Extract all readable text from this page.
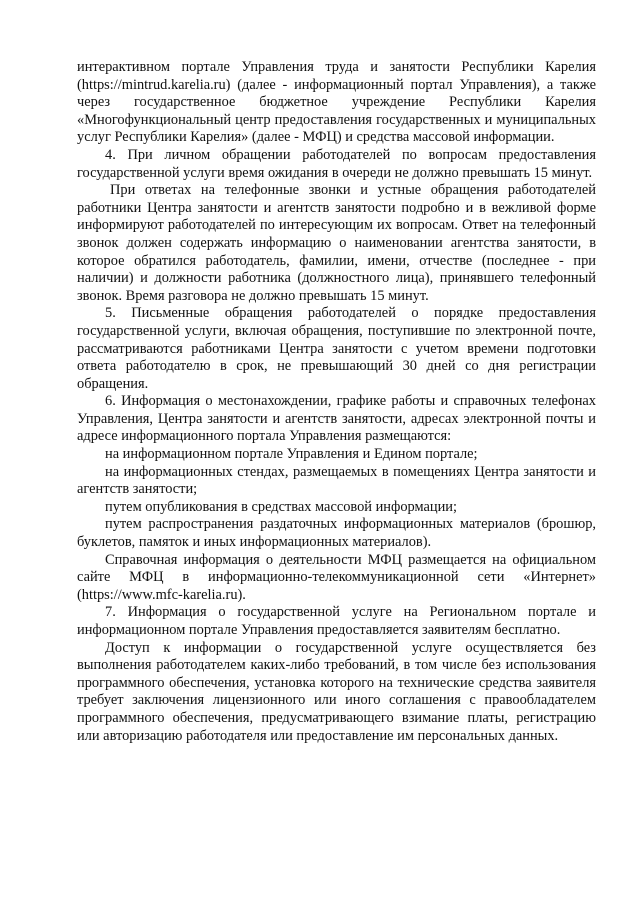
интерактивном портале Управления труда и занятости Республики Карелия (https://mintrud.karelia.ru) (далее - информационный портал Управления), а также через государственное бюджетное учреждение Республики Карелия «Многофункциональный центр предоставления государственных и муниципальных услуг Республики Карелия» (далее - МФЦ) и средства массовой информации.

4. При личном обращении работодателей по вопросам предоставления государственной услуги время ожидания в очереди не должно превышать 15 минут.

При ответах на телефонные звонки и устные обращения работодателей работники Центра занятости и агентств занятости подробно и в вежливой форме информируют работодателей по интересующим их вопросам. Ответ на телефонный звонок должен содержать информацию о наименовании агентства занятости, в которое обратился работодатель, фамилии, имени, отчестве (последнее - при наличии) и должности работника (должностного лица), принявшего телефонный звонок. Время разговора не должно превышать 15 минут.

5. Письменные обращения работодателей о порядке предоставления государственной услуги, включая обращения, поступившие по электронной почте, рассматриваются работниками Центра занятости с учетом времени подготовки ответа работодателю в срок, не превышающий 30 дней со дня регистрации обращения.

6. Информация о местонахождении, графике работы и справочных телефонах Управления, Центра занятости и агентств занятости, адресах электронной почты и адресе информационного портала Управления размещаются:

на информационном портале Управления и Едином портале;

на информационных стендах, размещаемых в помещениях Центра занятости и агентств занятости;

путем опубликования в средствах массовой информации;

путем распространения раздаточных информационных материалов (брошюр, буклетов, памяток и иных информационных материалов).

Справочная информация о деятельности МФЦ размещается на официальном сайте МФЦ в информационно-телекоммуникационной сети «Интернет» (https://www.mfc-karelia.ru).

7. Информация о государственной услуге на Региональном портале и информационном портале Управления предоставляется заявителям бесплатно.

Доступ к информации о государственной услуге осуществляется без выполнения работодателем каких-либо требований, в том числе без использования программного обеспечения, установка которого на технические средства заявителя требует заключения лицензионного или иного соглашения с правообладателем программного обеспечения, предусматривающего взимание платы, регистрацию или авторизацию работодателя или предоставление им персональных данных.
